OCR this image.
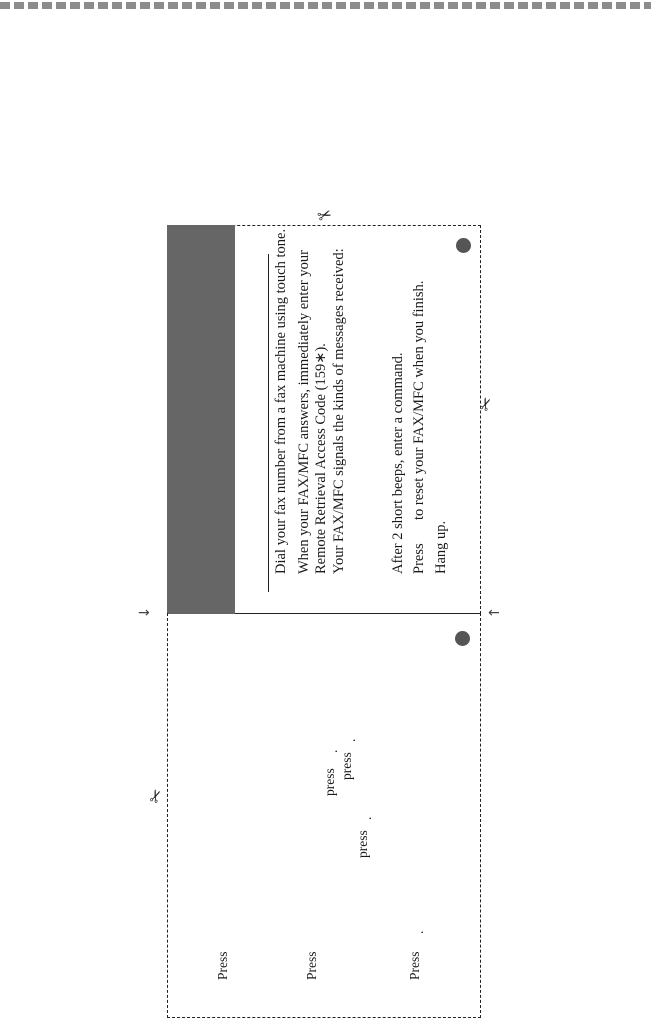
Dial your fax number from a fax machine using touch tone. When your FAX/MFC answers, immediately enter your Remote Retrieval Access Code (159∗). Your FAX/MFC signals the kinds of messages received:	After 2 short beeps, enter a command. Press
to reset your FAX/MFC when you finish.
Hang up.
✂
✂
→	←
✂
Press	Press	Press
.
press
press
.
.
press
.
